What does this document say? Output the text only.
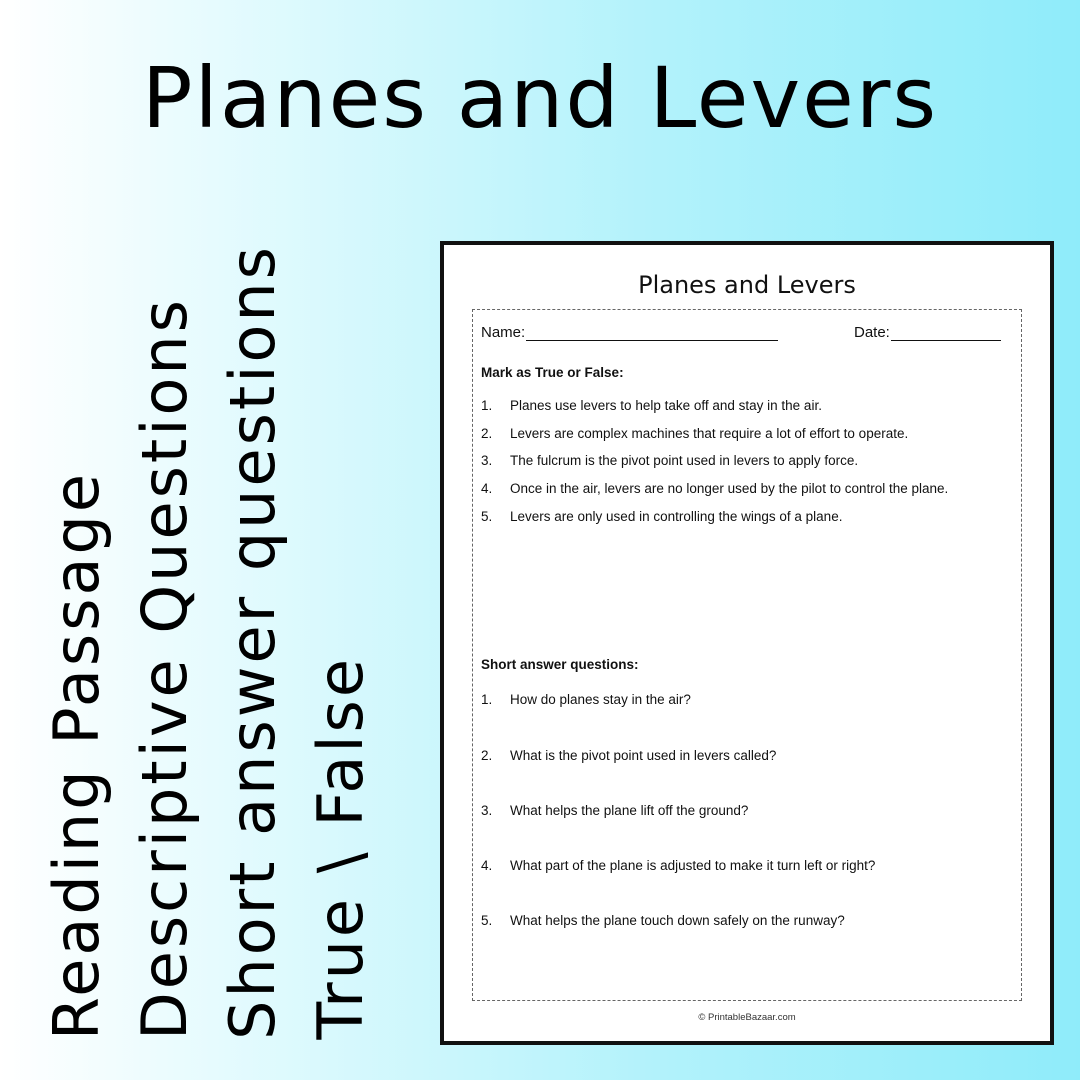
Planes and Levers
Reading Passage Descriptive Questions Short answer questions True \ False
Planes and Levers
Name:	Date:
Mark as True or False:
1. Planes use levers to help take off and stay in the air.
2. Levers are complex machines that require a lot of effort to operate.
3. The fulcrum is the pivot point used in levers to apply force.
4. Once in the air, levers are no longer used by the pilot to control the plane.
5. Levers are only used in controlling the wings of a plane.
Short answer questions:
1. How do planes stay in the air?
2. What is the pivot point used in levers called?
3. What helps the plane lift off the ground?
4. What part of the plane is adjusted to make it turn left or right?
5. What helps the plane touch down safely on the runway?
© PrintableBazaar.com
